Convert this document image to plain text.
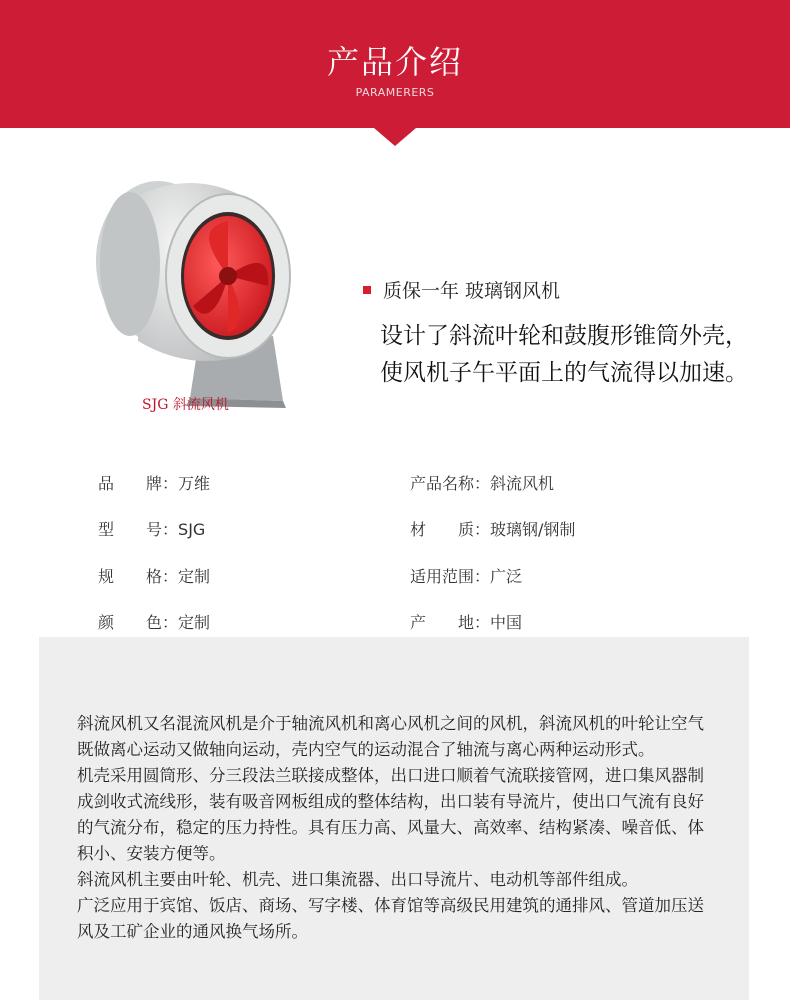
产品介绍
PARAMERERS
SJG 斜流风机
质保一年 玻璃钢风机
设计了斜流叶轮和鼓腹形锥筒外壳，使风机子午平面上的气流得以加速。
品　　牌：万维	产品名称：斜流风机
型　　号：SJG	材　　质：玻璃钢/钢制
规　　格：定制	适用范围：广泛
颜　　色：定制	产　　地：中国

斜流风机又名混流风机是介于轴流风机和离心风机之间的风机，斜流风机的叶轮让空气既做离心运动又做轴向运动，壳内空气的运动混合了轴流与离心两种运动形式。

机壳采用圆筒形、分三段法兰联接成整体，出口进口顺着气流联接管网，进口集风器制成剑收式流线形，装有吸音网板组成的整体结构，出口装有导流片，使出口气流有良好的气流分布，稳定的压力持性。具有压力高、风量大、高效率、结构紧凑、噪音低、体积小、安装方便等。

斜流风机主要由叶轮、机壳、进口集流器、出口导流片、电动机等部件组成。

广泛应用于宾馆、饭店、商场、写字楼、体育馆等高级民用建筑的通排风、管道加压送风及工矿企业的通风换气场所。
